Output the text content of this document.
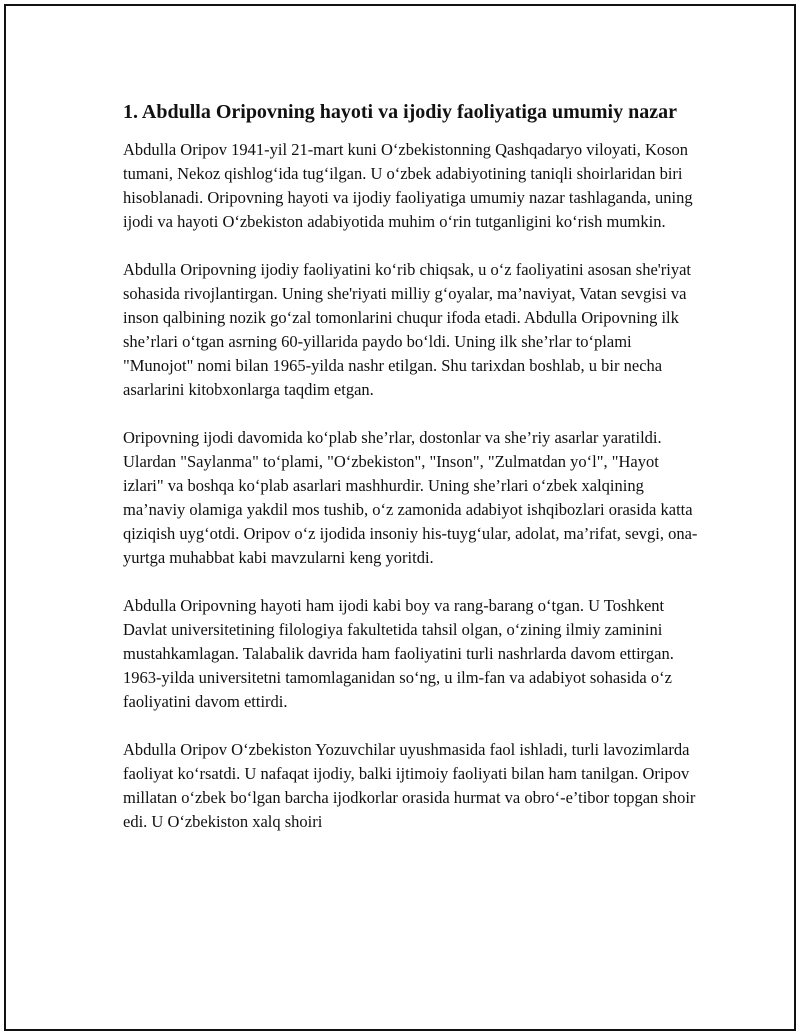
1. Abdulla Oripovning hayoti va ijodiy faoliyatiga umumiy nazar

Abdulla Oripov 1941-yil 21-mart kuni O‘zbekistonning Qashqadaryo viloyati, Koson tumani, Nekoz qishlog‘ida tug‘ilgan. U o‘zbek adabiyotining taniqli shoirlaridan biri hisoblanadi. Oripovning hayoti va ijodiy faoliyatiga umumiy nazar tashlaganda, uning ijodi va hayoti O‘zbekiston adabiyotida muhim o‘rin tutganligini ko‘rish mumkin.

Abdulla Oripovning ijodiy faoliyatini ko‘rib chiqsak, u o‘z faoliyatini asosan she'riyat sohasida rivojlantirgan. Uning she'riyati milliy g‘oyalar, ma’naviyat, Vatan sevgisi va inson qalbining nozik go‘zal tomonlarini chuqur ifoda etadi. Abdulla Oripovning ilk she’rlari o‘tgan asrning 60-yillarida paydo bo‘ldi. Uning ilk she’rlar to‘plami "Munojot" nomi bilan 1965-yilda nashr etilgan. Shu tarixdan boshlab, u bir necha asarlarini kitobxonlarga taqdim etgan.

Oripovning ijodi davomida ko‘plab she’rlar, dostonlar va she’riy asarlar yaratildi. Ulardan "Saylanma" to‘plami, "O‘zbekiston", "Inson", "Zulmatdan yo‘l", "Hayot izlari" va boshqa ko‘plab asarlari mashhurdir. Uning she’rlari o‘zbek xalqining ma’naviy olamiga yakdil mos tushib, o‘z zamonida adabiyot ishqibozlari orasida katta qiziqish uyg‘otdi. Oripov o‘z ijodida insoniy his-tuyg‘ular, adolat, ma’rifat, sevgi, ona-yurtga muhabbat kabi mavzularni keng yoritdi.

Abdulla Oripovning hayoti ham ijodi kabi boy va rang-barang o‘tgan. U Toshkent Davlat universitetining filologiya fakultetida tahsil olgan, o‘zining ilmiy zaminini mustahkamlagan. Talabalik davrida ham faoliyatini turli nashrlarda davom ettirgan. 1963-yilda universitetni tamomlaganidan so‘ng, u ilm-fan va adabiyot sohasida o‘z faoliyatini davom ettirdi.

Abdulla Oripov O‘zbekiston Yozuvchilar uyushmasida faol ishladi, turli lavozimlarda faoliyat ko‘rsatdi. U nafaqat ijodiy, balki ijtimoiy faoliyati bilan ham tanilgan. Oripov millatan o‘zbek bo‘lgan barcha ijodkorlar orasida hurmat va obro‘-e’tibor topgan shoir edi. U O‘zbekiston xalq shoiri
